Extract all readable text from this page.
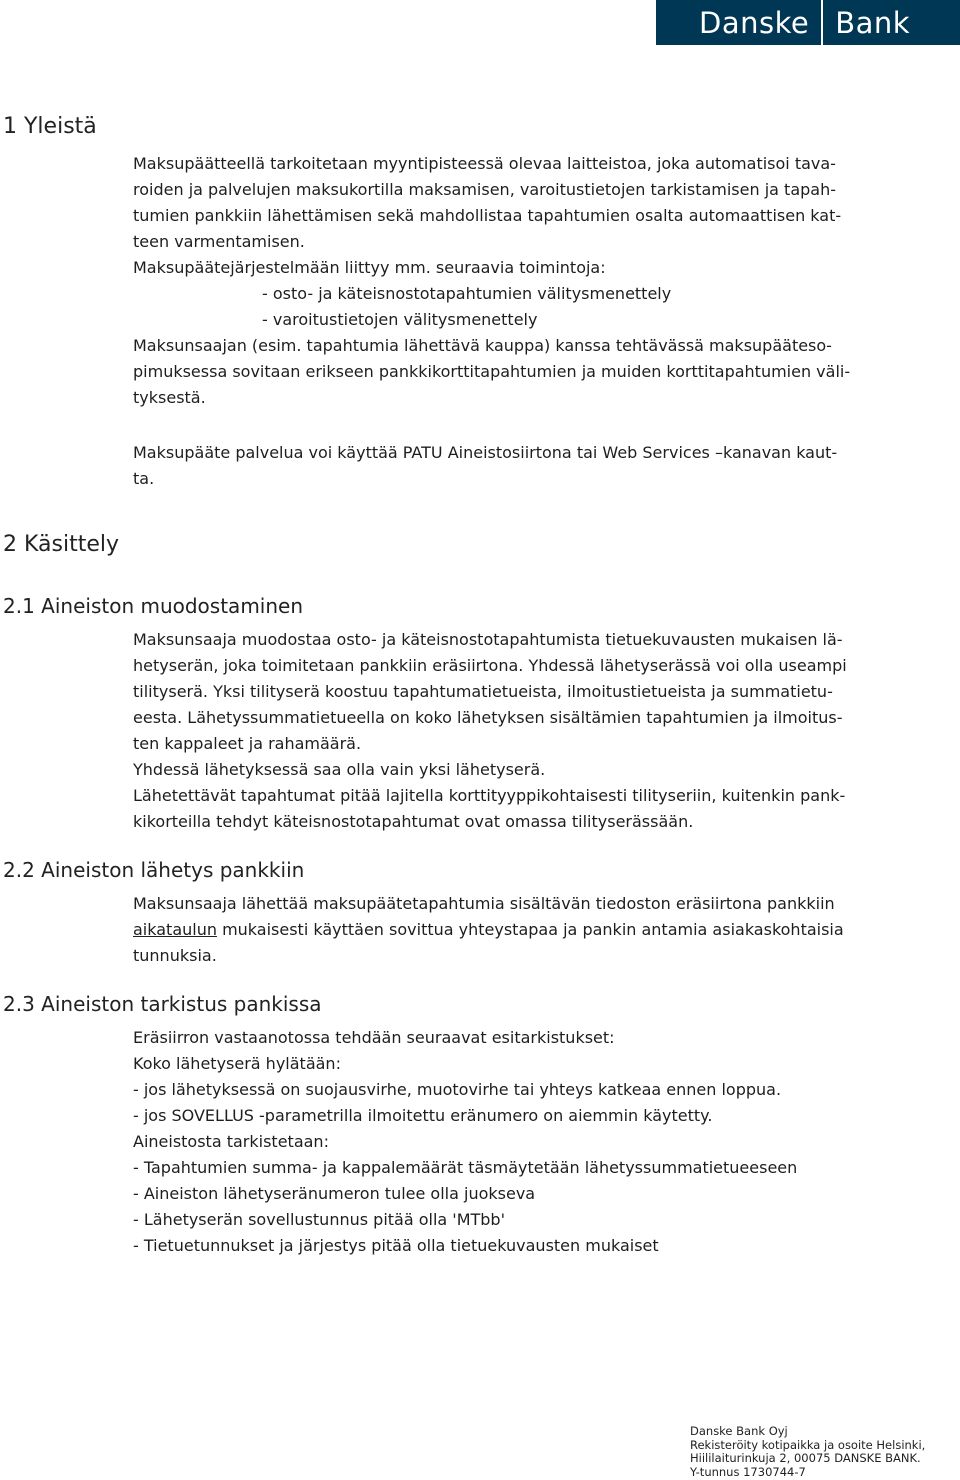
Danske Bank
1 Yleistä
Maksupäätteellä tarkoitetaan myyntipisteessä olevaa laitteistoa, joka automatisoi tava-
roiden ja palvelujen maksukortilla maksamisen, varoitustietojen tarkistamisen ja tapah-
tumien pankkiin lähettämisen sekä mahdollistaa tapahtumien osalta automaattisen kat-
teen varmentamisen.
Maksupäätejärjestelmään liittyy mm. seuraavia toimintoja:
- osto- ja käteisnostotapahtumien välitysmenettely
- varoitustietojen välitysmenettely
Maksunsaajan (esim. tapahtumia lähettävä kauppa) kanssa tehtävässä maksupäätesо-
pimuksessa sovitaan erikseen pankkikorttitapahtumien ja muiden korttitapahtumien väli-
tyksestä.
Maksupääte palvelua voi käyttää PATU Aineistosiirtona tai Web Services –kanavan kaut-
ta.
2 Käsittely
2.1 Aineiston muodostaminen
Maksunsaaja muodostaa osto- ja käteisnostotapahtumista tietuekuvausten mukaisen lä-
hetyserän, joka toimitetaan pankkiin eräsiirtona. Yhdessä lähetyserässä voi olla useampi
tilityserä. Yksi tilityserä koostuu tapahtumatietueista, ilmoitustietueista ja summatietu-
eesta. Lähetyssummatietueella on koko lähetyksen sisältämien tapahtumien ja ilmoitus-
ten kappaleet ja rahamäärä.
Yhdessä lähetyksessä saa olla vain yksi lähetyserä.
Lähetettävät tapahtumat pitää lajitella korttityyppikohtaisesti tilityseriin, kuitenkin pank-
kikorteilla tehdyt käteisnostotapahtumat ovat omassa tilityserässään.
2.2 Aineiston lähetys pankkiin
Maksunsaaja lähettää maksupäätetapahtumia sisältävän tiedoston eräsiirtona pankkiin
aikataulun mukaisesti käyttäen sovittua yhteystapaa ja pankin antamia asiakaskohtaisia
tunnuksia.
2.3 Aineiston tarkistus pankissa
Eräsiirron vastaanotossa tehdään seuraavat esitarkistukset:
Koko lähetyserä hylätään:
- jos lähetyksessä on suojausvirhe, muotovirhe tai yhteys katkeaa ennen loppua.
- jos SOVELLUS -parametrilla ilmoitettu eränumero on aiemmin käytetty.
Aineistosta tarkistetaan:
- Tapahtumien summa- ja kappalemäärät täsmäytetään lähetyssummatietueeseen
- Aineiston lähetyseränumeron tulee olla juokseva
- Lähetyserän sovellustunnus pitää olla 'MTbb'
- Tietuetunnukset ja järjestys pitää olla tietuekuvausten mukaiset
Danske Bank Oyj
Rekisteröity kotipaikka ja osoite Helsinki,
Hiililaiturinkuja 2, 00075 DANSKE BANK.
Y-tunnus 1730744-7
